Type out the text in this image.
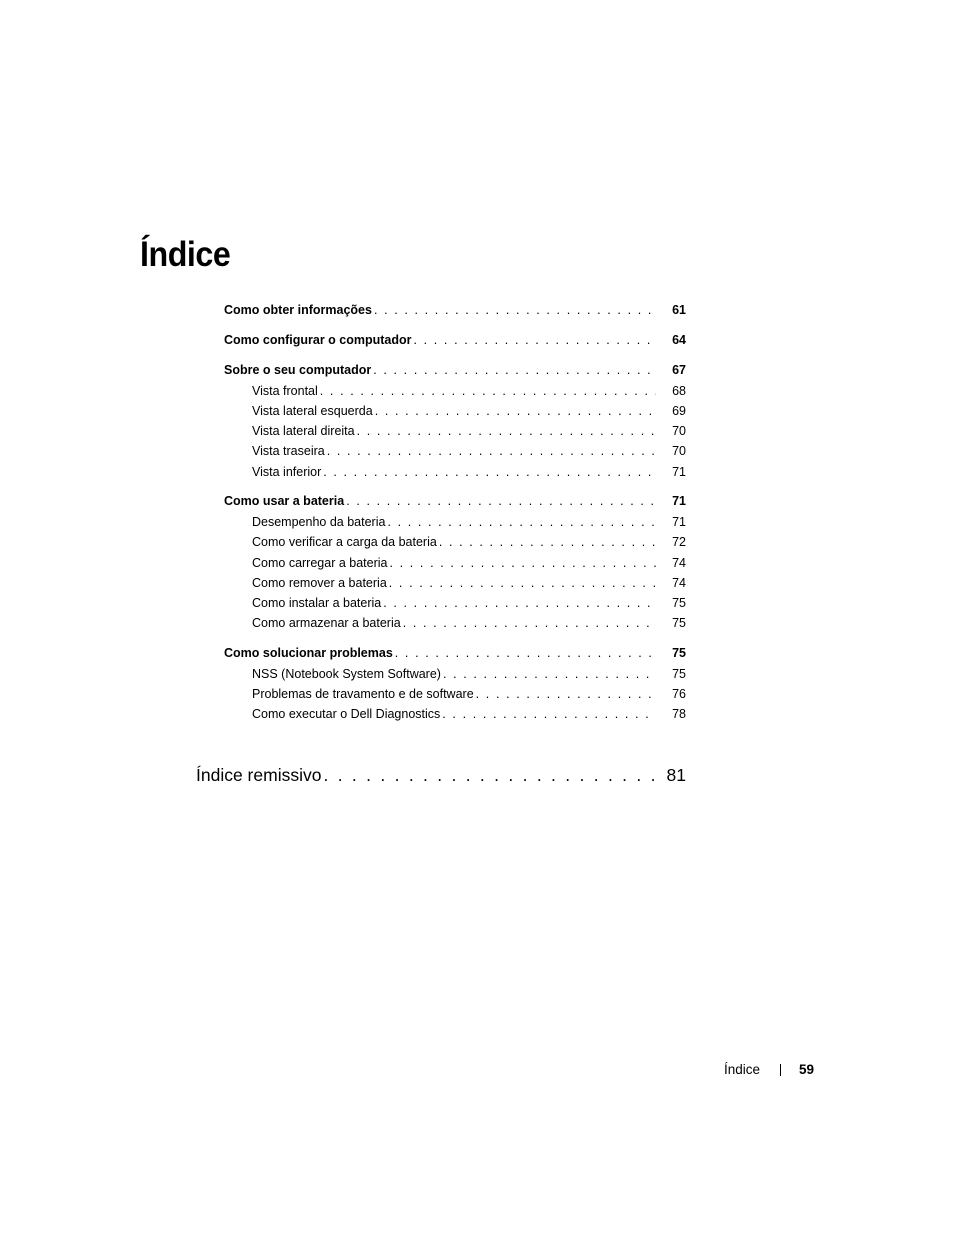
Índice
Como obter informações . . .	61
Como configurar o computador . . .	64
Sobre o seu computador . . .	67
Vista frontal . . .	68
Vista lateral esquerda . . .	69
Vista lateral direita . . .	70
Vista traseira . . .	70
Vista inferior . . .	71
Como usar a bateria . . .	71
Desempenho da bateria . . .	71
Como verificar a carga da bateria . . .	72
Como carregar a bateria . . .	74
Como remover a bateria . . .	74
Como instalar a bateria . . .	75
Como armazenar a bateria . . .	75
Como solucionar problemas . . .	75
NSS (Notebook System Software) . . .	75
Problemas de travamento e de software . . .	76
Como executar o Dell Diagnostics . . .	78
Índice remissivo . . .	81
Índice	59
